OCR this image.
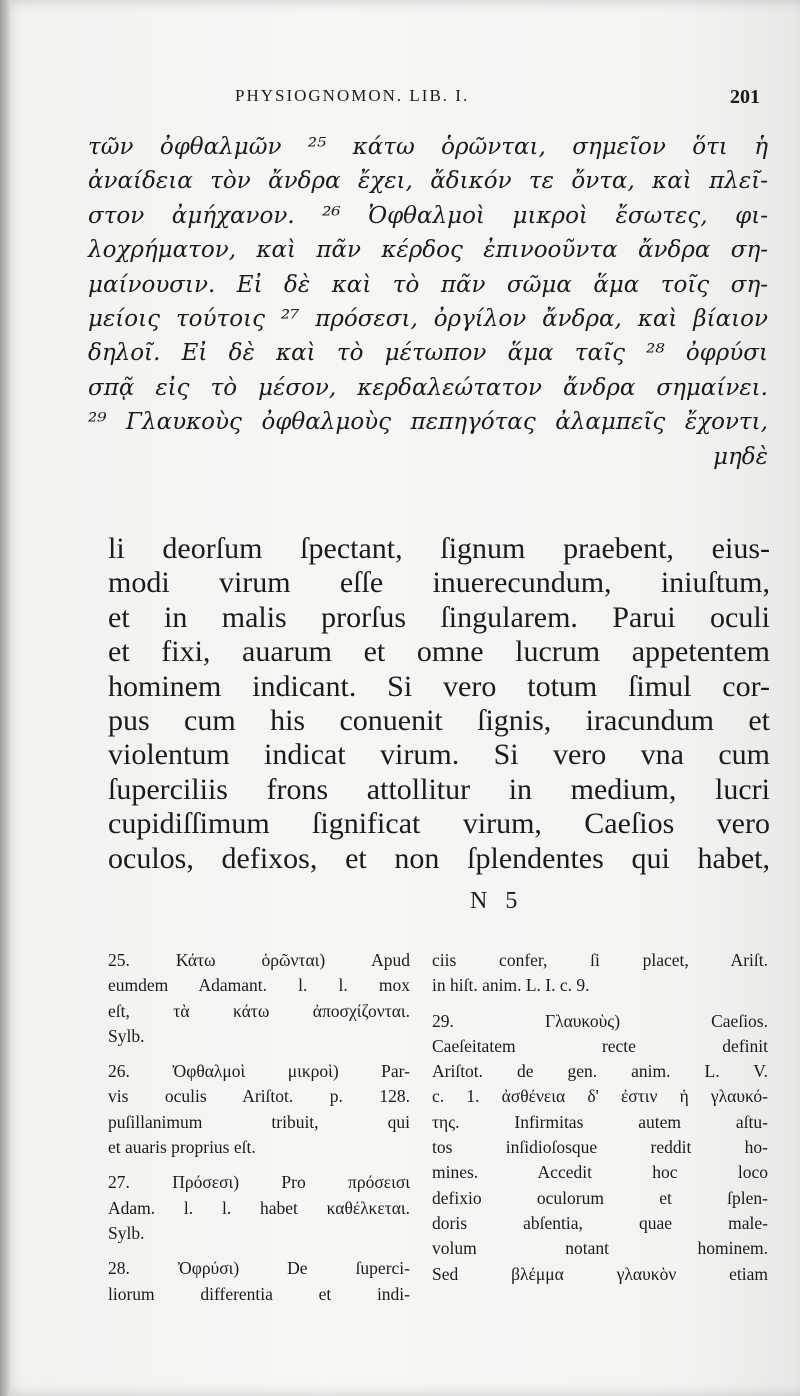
PHYSIOGNOMON. LIB. I.	201
τῶν ὀφθαλμῶν ²⁵ κάτω ὁρῶνται, σημεῖον ὅτι ἡ
ἀναίδεια τὸν ἄνδρα ἔχει, ἄδικόν τε ὄντα, καὶ πλεῖ-
στον ἀμήχανον. ²⁶ Ὀφθαλμοὶ μικροὶ ἔσωτες, φι-
λοχρήματον, καὶ πᾶν κέρδος ἐπινοοῦντα ἄνδρα ση-
μαίνουσιν. Εἰ δὲ καὶ τὸ πᾶν σῶμα ἅμα τοῖς ση-
μείοις τούτοις ²⁷ πρόσεσι, ὀργίλον ἄνδρα, καὶ βίαιον
δηλοῖ. Εἰ δὲ καὶ τὸ μέτωπον ἅμα ταῖς ²⁸ ὀφρύσι
σπᾷ εἰς τὸ μέσον, κερδαλεώτατον ἄνδρα σημαίνει.
²⁹ Γλαυκοὺς ὀφθαλμοὺς πεπηγότας ἀλαμπεῖς ἔχοντι,
μηδὲ
li deorſum ſpectant, ſignum praebent, eius-
modi virum eſſe inuerecundum, iniuſtum,
et in malis prorſus ſingularem. Parui oculi
et fixi, auarum et omne lucrum appetentem
hominem indicant. Si vero totum ſimul cor-
pus cum his conuenit ſignis, iracundum et
violentum indicat virum. Si vero vna cum
ſuperciliis frons attollitur in medium, lucri
cupidiſſimum ſignificat virum, Caeſios vero
oculos, defixos, et non ſplendentes qui habet,
N 5
25. Κάτω ὁρῶνται) Apud
eumdem Adamant. l. l. mox
eſt, τὰ κάτω ἀποσχίζονται.
Sylb.
26. Ὀφθαλμοὶ μικροὶ) Par-
vis oculis Ariſtot. p. 128.
puſillanimum tribuit, qui
et auaris proprius eſt.
27. Πρόσεσι) Pro πρόσεισι
Adam. l. l. habet καθέλκεται.
Sylb.
28. Ὀφρύσι) De ſuperci-
liorum differentia et indi-
ciis confer, ſi placet, Ariſt.
in hiſt. anim. L. I. c. 9.
29. Γλαυκοὺς) Caeſios.
Caeſeitatem recte definit
Ariſtot. de gen. anim. L. V.
c. 1. ἀσθένεια δ' ἐστιν ἡ γλαυκό-
της. Infirmitas autem aſtu-
tos inſidioſosque reddit ho-
mines. Accedit hoc loco
defixio oculorum et ſplen-
doris abſentia, quae male-
volum notant hominem.
Sed βλέμμα γλαυκὸν etiam
